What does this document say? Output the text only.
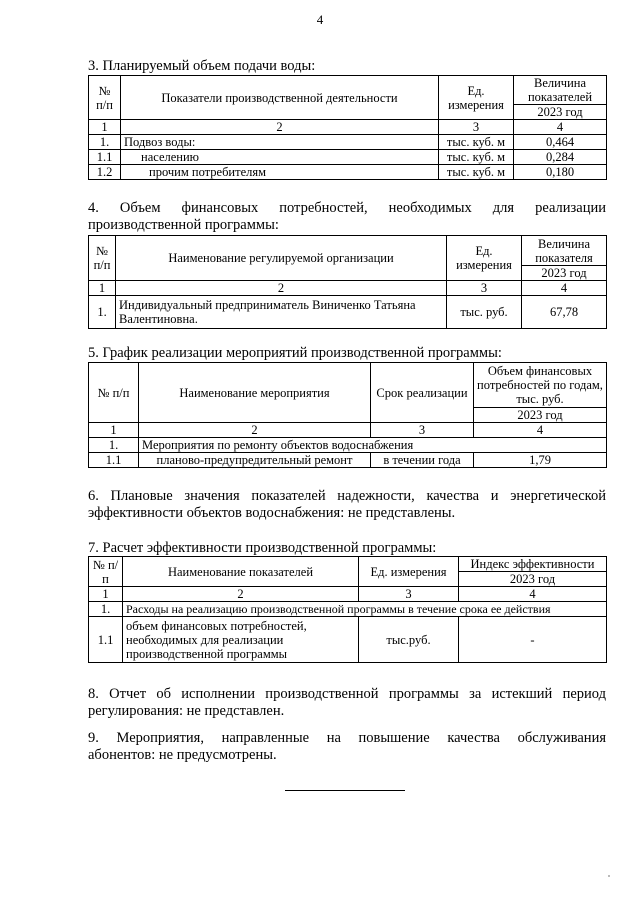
4
3. Планируемый объем подачи воды:
№ п/п	Показатели производственной деятельности	Ед. измерения	Величина показателей
			2023 год
1	2	3	4
1.	Подвоз воды:	тыс. куб. м	0,464
1.1	населению	тыс. куб. м	0,284
1.2	прочим потребителям	тыс. куб. м	0,180
4. Объем финансовых потребностей, необходимых для реализации
производственной программы:
№ п/п	Наименование регулируемой организации	Ед. измерения	Величина показателя
			2023 год
1	2	3	4
1.	Индивидуальный предприниматель Виниченко Татьяна Валентиновна.	тыс. руб.	67,78
5. График реализации мероприятий производственной программы:
№ п/п	Наименование мероприятия	Срок реализации	Объем финансовых потребностей по годам, тыс. руб.
			2023 год
1	2	3	4
1.	Мероприятия по ремонту объектов водоснабжения		
1.1	планово-предупредительный ремонт	в течении года	1,79
6. Плановые значения показателей надежности, качества и энергетической
эффективности объектов водоснабжения: не представлены.
7. Расчет эффективности производственной программы:
№ п/п	Наименование показателей	Ед. измерения	Индекс эффективности
			2023 год
1	2	3	4
1.	Расходы на реализацию производственной программы в течение срока ее действия		
1.1	объем финансовых потребностей, необходимых для реализации производственной программы	тыс.руб.	-
8. Отчет об исполнении производственной программы за истекший период
регулирования: не представлен.
9. Мероприятия, направленные на повышение качества обслуживания
абонентов: не предусмотрены.
